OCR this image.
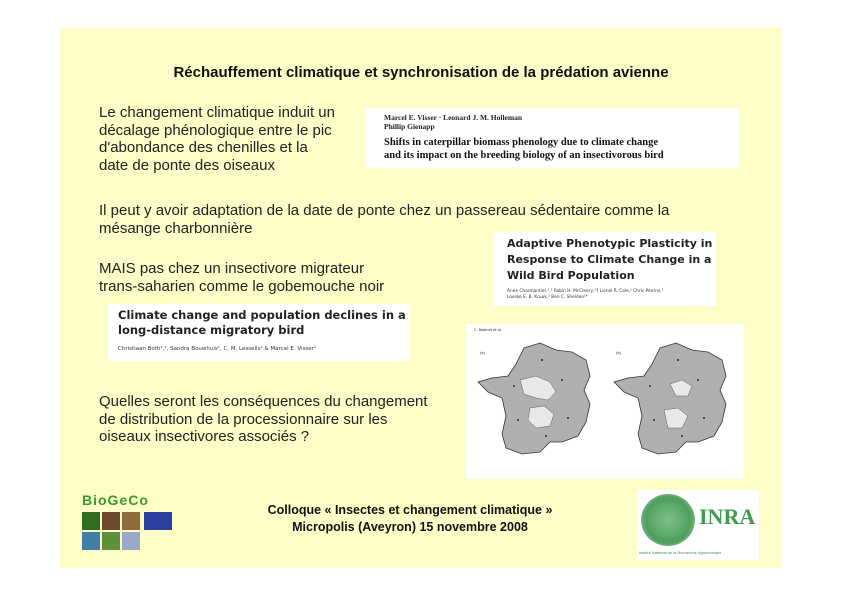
Réchauffement climatique et synchronisation de la prédation avienne
Le changement climatique induit un
décalage phénologique entre le pic
d'abondance des chenilles et la
date de ponte des oiseaux
Marcel E. Visser · Leonard J. M. Holleman
Phillip Gienapp
Shifts in caterpillar biomass phenology due to climate change
and its impact on the breeding biology of an insectivorous bird
Il peut y avoir adaptation de la date de ponte chez un passereau sédentaire comme la
mésange charbonnière
Adaptive Phenotypic Plasticity in
Response to Climate Change in a
Wild Bird Population
Anne Charmantier,¹,² Robin H. McCleery,¹† Lionel R. Cole,¹ Chris Perrins,¹
Loeske E. B. Kruuk,³ Ben C. Sheldon¹*
MAIS pas chez un insectivore migrateur
trans-saharien comme le gobemouche noir
Climate change and population declines in a
long-distance migratory bird
Christiaan Both¹,², Sandra Bouwhuis¹, C. M. Lessells¹ & Marcel E. Visser¹
C. Robinet et al.
(a)	(b)
Quelles seront les conséquences du changement
de distribution de la processionnaire sur les
oiseaux insectivores associés ?
BioGeCo
Colloque « Insectes et changement climatique »
Micropolis (Aveyron) 15 novembre 2008	INRA
Institut National de la Recherche Agronomique
